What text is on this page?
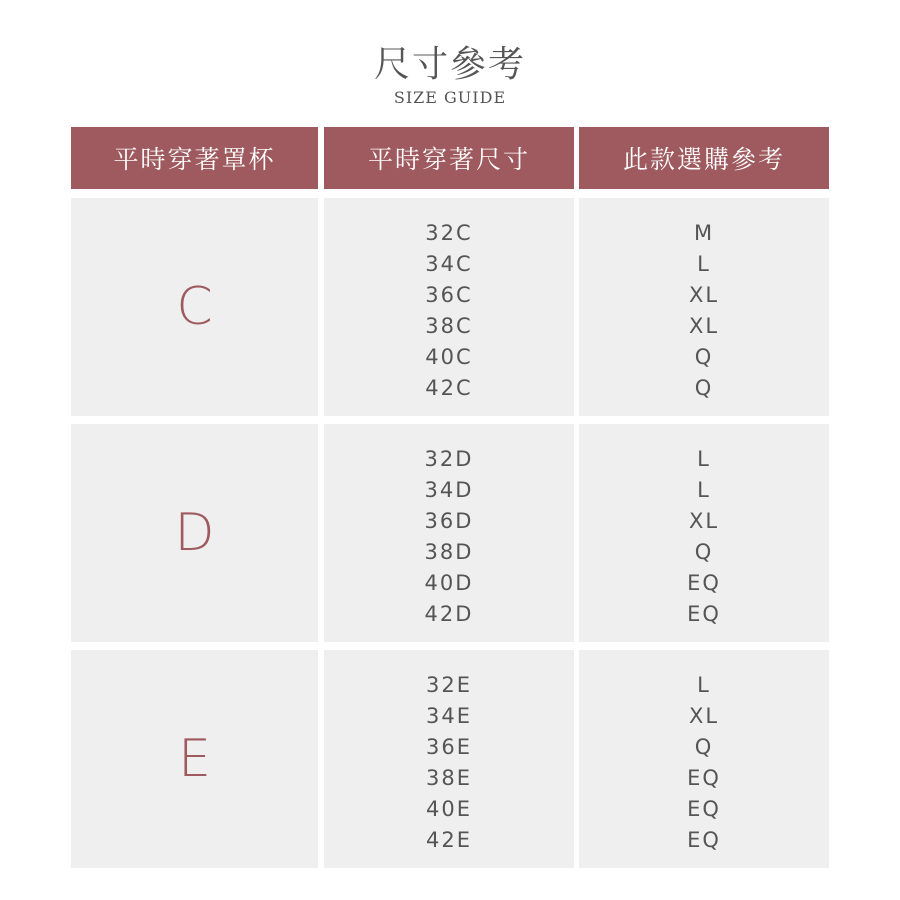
尺寸參考
SIZE GUIDE
平時穿著罩杯	平時穿著尺寸	此款選購參考
C
32C
34C
36C
38C
40C
42C
M
L
XL
XL
Q
Q
D
32D
34D
36D
38D
40D
42D
L
L
XL
Q
EQ
EQ
E
32E
34E
36E
38E
40E
42E
L
XL
Q
EQ
EQ
EQ
